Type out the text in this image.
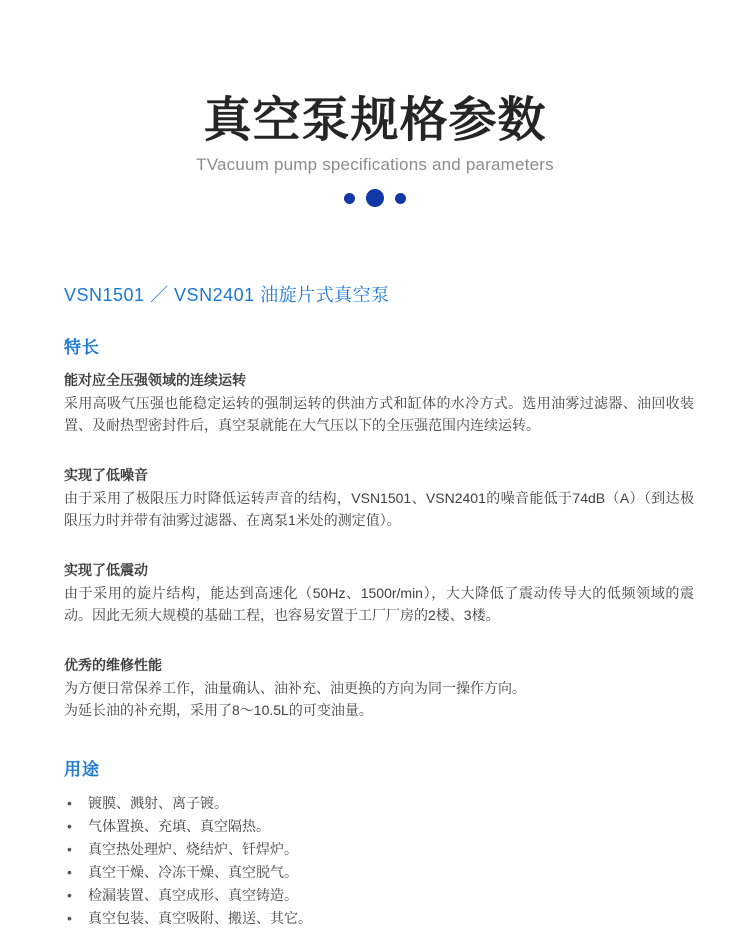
真空泵规格参数
TVacuum pump specifications and parameters
VSN1501 ／ VSN2401 油旋片式真空泵
特长
能对应全压强领域的连续运转

采用高吸气压强也能稳定运转的强制运转的供油方式和缸体的水冷方式。选用油雾过滤器、油回收装置、及耐热型密封件后，真空泵就能在大气压以下的全压强范围内连续运转。

实现了低噪音

由于采用了极限压力时降低运转声音的结构，VSN1501、VSN2401的噪音能低于74dB（A）（到达极限压力时并带有油雾过滤器、在离泵1米处的测定值）。

实现了低震动

由于采用的旋片结构，能达到高速化（50Hz、1500r/min），大大降低了震动传导大的低频领域的震动。因此无须大规模的基础工程，也容易安置于工厂厂房的2楼、3楼。

优秀的维修性能

为方便日常保养工作，油量确认、油补充、油更换的方向为同一操作方向。

为延长油的补充期，采用了8～10.5L的可变油量。

用途
• 镀膜、溅射、离子镀。
• 气体置换、充填、真空隔热。
• 真空热处理炉、烧结炉、钎焊炉。
• 真空干燥、冷冻干燥、真空脱气。
• 检漏装置、真空成形、真空铸造。
• 真空包装、真空吸附、搬送、其它。
